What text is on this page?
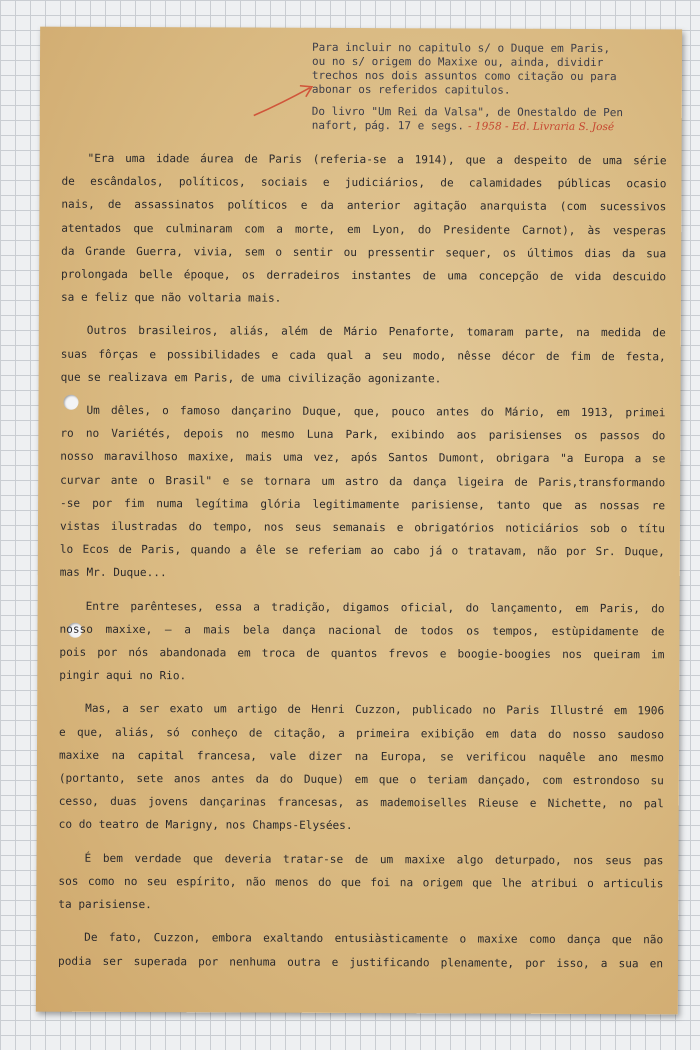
Para incluir no capitulo s/ o Duque em Paris,
ou no s/ origem do Maxixe ou, ainda, dividir
trechos nos dois assuntos como citação ou para
abonar os referidos capitulos.
Do livro "Um Rei da Valsa", de Onestaldo de Pen
nafort, pág. 17 e segs. - 1958 - Ed. Livraria S. José
"Era uma idade áurea de Paris (referia-se a 1914), que a despeito de uma série
de escândalos, políticos, sociais e judiciários, de calamidades públicas ocasio
nais, de assassinatos políticos e da anterior agitação anarquista (com sucessivos
atentados que culminaram com a morte, em Lyon, do Presidente Carnot), às vesperas
da Grande Guerra, vivia, sem o sentir ou pressentir sequer, os últimos dias da sua
prolongada belle époque, os derradeiros instantes de uma concepção de vida descuido
sa e feliz que não voltaria mais.
Outros brasileiros, aliás, além de Mário Penaforte, tomaram parte, na medida de
suas fôrças e possibilidades e cada qual a seu modo, nêsse décor de fim de festa,
que se realizava em Paris, de uma civilização agonizante.
Um dêles, o famoso dançarino Duque, que, pouco antes do Mário, em 1913, primei
ro no Variétés, depois no mesmo Luna Park, exibindo aos parisienses os passos do
nosso maravilhoso maxixe, mais uma vez, após Santos Dumont, obrigara "a Europa a se
curvar ante o Brasil" e se tornara um astro da dança ligeira de Paris,transformando
-se por fim numa legítima glória legitimamente parisiense, tanto que as nossas re
vistas ilustradas do tempo, nos seus semanais e obrigatórios noticiários sob o títu
lo Ecos de Paris, quando a êle se referiam ao cabo já o tratavam, não por Sr. Duque,
mas Mr. Duque...
Entre parênteses, essa a tradição, digamos oficial, do lançamento, em Paris, do
nosso maxixe, — a mais bela dança nacional de todos os tempos, estùpidamente de
pois por nós abandonada em troca de quantos frevos e boogie-boogies nos queiram im
pingir aqui no Rio.
Mas, a ser exato um artigo de Henri Cuzzon, publicado no Paris Illustré em 1906
e que, aliás, só conheço de citação, a primeira exibição em data do nosso saudoso
maxixe na capital francesa, vale dizer na Europa, se verificou naquêle ano mesmo
(portanto, sete anos antes da do Duque) em que o teriam dançado, com estrondoso su
cesso, duas jovens dançarinas francesas, as mademoiselles Rieuse e Nichette, no pal
co do teatro de Marigny, nos Champs-Elysées.
É bem verdade que deveria tratar-se de um maxixe algo deturpado, nos seus pas
sos como no seu espírito, não menos do que foi na origem que lhe atribui o articulis
ta parisiense.
De fato, Cuzzon, embora exaltando entusiàsticamente o maxixe como dança que não
podia ser superada por nenhuma outra e justificando plenamente, por isso, a sua en
